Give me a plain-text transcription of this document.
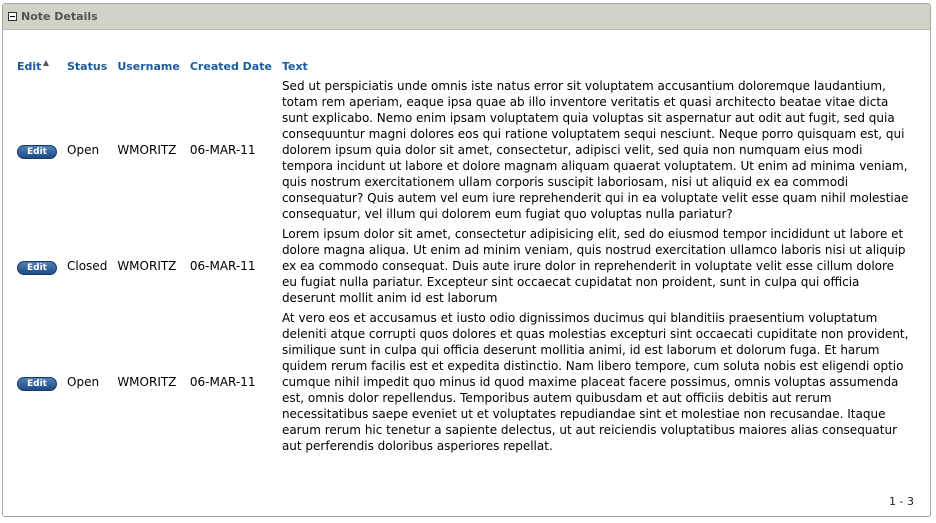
Note Details
Edit	Status	Username	Created Date	Text
Edit	Open	WMORITZ	06-MAR-11	Sed ut perspiciatis unde omnis iste natus error sit voluptatem accusantium doloremque laudantium, totam rem aperiam, eaque ipsa quae ab illo inventore veritatis et quasi architecto beatae vitae dicta sunt explicabo. Nemo enim ipsam voluptatem quia voluptas sit aspernatur aut odit aut fugit, sed quia consequuntur magni dolores eos qui ratione voluptatem sequi nesciunt. Neque porro quisquam est, qui dolorem ipsum quia dolor sit amet, consectetur, adipisci velit, sed quia non numquam eius modi tempora incidunt ut labore et dolore magnam aliquam quaerat voluptatem. Ut enim ad minima veniam, quis nostrum exercitationem ullam corporis suscipit laboriosam, nisi ut aliquid ex ea commodi consequatur? Quis autem vel eum iure reprehenderit qui in ea voluptate velit esse quam nihil molestiae consequatur, vel illum qui dolorem eum fugiat quo voluptas nulla pariatur?
Edit	Closed	WMORITZ	06-MAR-11	Lorem ipsum dolor sit amet, consectetur adipisicing elit, sed do eiusmod tempor incididunt ut labore et dolore magna aliqua. Ut enim ad minim veniam, quis nostrud exercitation ullamco laboris nisi ut aliquip ex ea commodo consequat. Duis aute irure dolor in reprehenderit in voluptate velit esse cillum dolore eu fugiat nulla pariatur. Excepteur sint occaecat cupidatat non proident, sunt in culpa qui officia deserunt mollit anim id est laborum
Edit	Open	WMORITZ	06-MAR-11	At vero eos et accusamus et iusto odio dignissimos ducimus qui blanditiis praesentium voluptatum deleniti atque corrupti quos dolores et quas molestias excepturi sint occaecati cupiditate non provident, similique sunt in culpa qui officia deserunt mollitia animi, id est laborum et dolorum fuga. Et harum quidem rerum facilis est et expedita distinctio. Nam libero tempore, cum soluta nobis est eligendi optio cumque nihil impedit quo minus id quod maxime placeat facere possimus, omnis voluptas assumenda est, omnis dolor repellendus. Temporibus autem quibusdam et aut officiis debitis aut rerum necessitatibus saepe eveniet ut et voluptates repudiandae sint et molestiae non recusandae. Itaque earum rerum hic tenetur a sapiente delectus, ut aut reiciendis voluptatibus maiores alias consequatur aut perferendis doloribus asperiores repellat.
1 - 3
